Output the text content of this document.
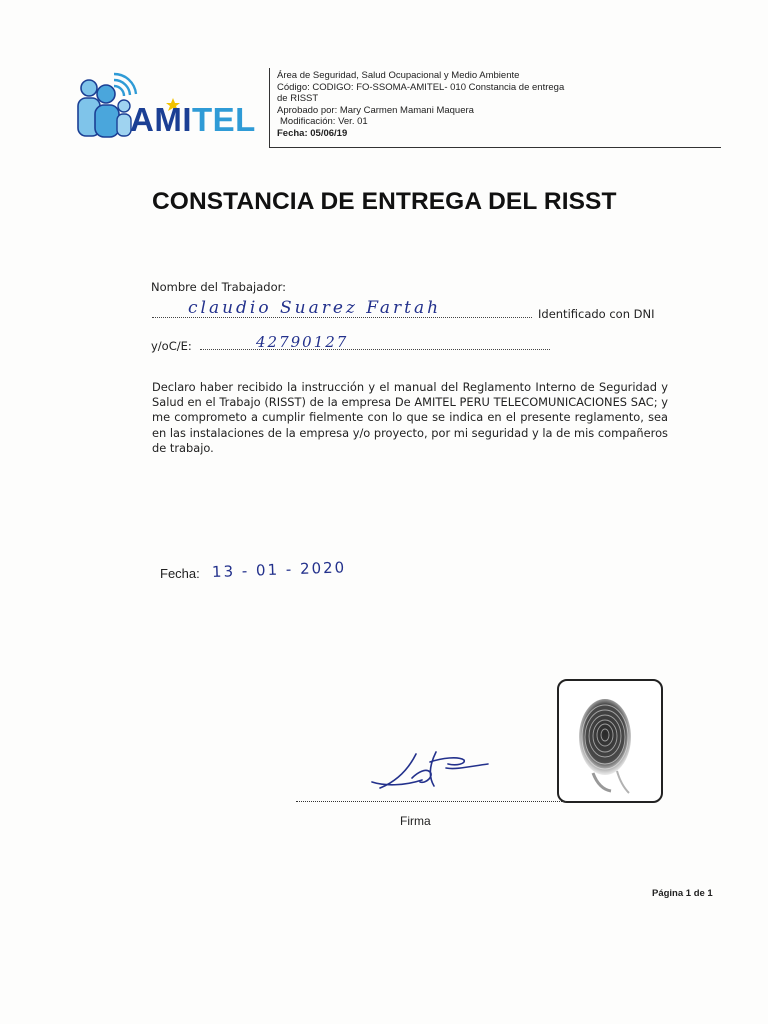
AMITEL
Área de Seguridad, Salud Ocupacional y Medio Ambiente
Código: CODIGO: FO-SSOMA-AMITEL- 010 Constancia de entrega
de RISST
Aprobado por: Mary Carmen Mamani Maquera
Modificación: Ver. 01
Fecha: 05/06/19
CONSTANCIA DE ENTREGA DEL RISST
Nombre del Trabajador:
claudio Suarez Fartah	Identificado con DNI
y/oC/E:	42790127
Declaro haber recibido la instrucción y el manual del Reglamento Interno de Seguridad y Salud en el Trabajo (RISST) de la empresa De AMITEL PERU TELECOMUNICACIONES SAC; y me comprometo a cumplir fielmente con lo que se indica en el presente reglamento, sea en las instalaciones de la empresa y/o proyecto, por mi seguridad y la de mis compañeros de trabajo.
Fecha: 13 - 01 - 2020
Firma
Página 1 de 1
